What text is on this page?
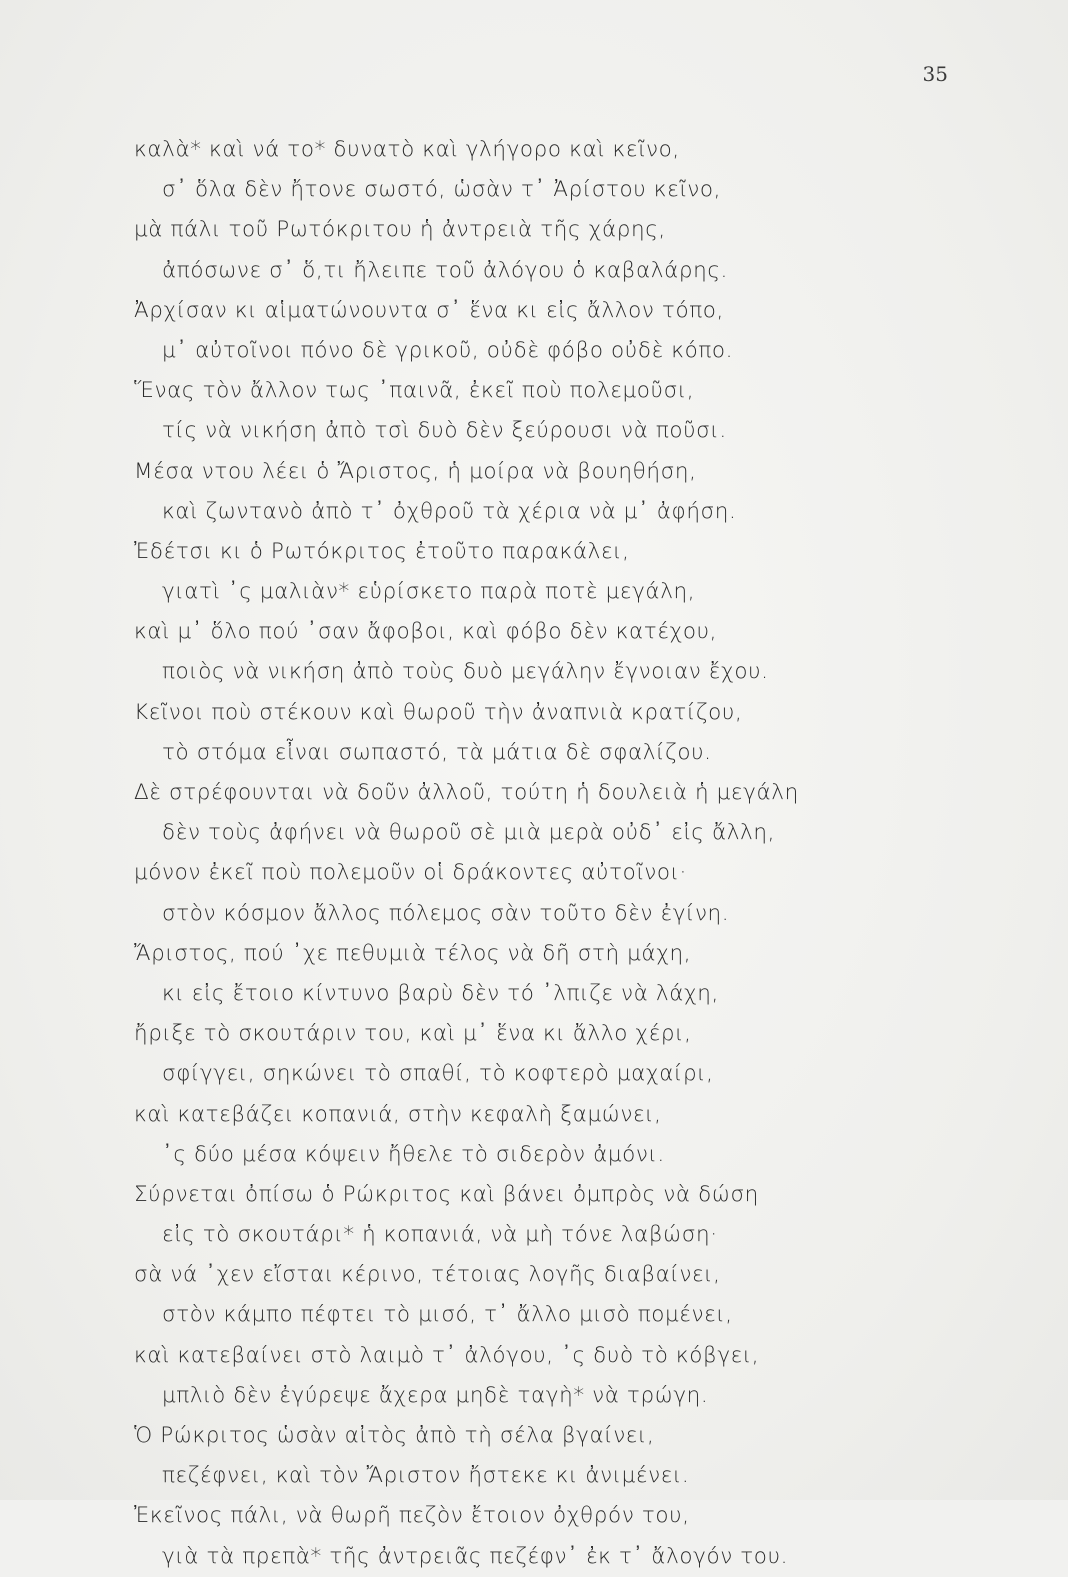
35
καλὰ* καὶ νά το* δυνατὸ καὶ γλήγορο καὶ κεῖνο,
σ᾽ ὅλα δὲν ἤτονε σωστό, ὡσὰν τ᾽ Ἀρίστου κεῖνο,
μὰ πάλι τοῦ Ρωτόκριτου ἡ ἀντρειὰ τῆς χάρης,
ἀπόσωνε σ᾽ ὅ,τι ἤλειπε τοῦ ἀλόγου ὁ καβαλάρης.
Ἀρχίσαν κι αἱματώνουντα σ᾽ ἕνα κι εἰς ἄλλον τόπο,
μ᾽ αὐτοῖνοι πόνο δὲ γρικοῦ, οὐδὲ φόβο οὐδὲ κόπο.
Ἕνας τὸν ἄλλον τως ᾽παινᾶ, ἐκεῖ ποὺ πολεμοῦσι,
τίς νὰ νικήση ἀπὸ τσὶ δυὸ δὲν ξεύρουσι νὰ ποῦσι.
Μέσα ντου λέει ὁ Ἄριστος, ἡ μοίρα νὰ βουηθήση,
καὶ ζωντανὸ ἀπὸ τ᾽ ὀχθροῦ τὰ χέρια νὰ μ᾽ ἀφήση.
Ἐδέτσι κι ὁ Ρωτόκριτος ἐτοῦτο παρακάλει,
γιατὶ ᾽ς μαλιὰν* εὑρίσκετο παρὰ ποτὲ μεγάλη,
καὶ μ᾽ ὅλο πού ᾽σαν ἄφοβοι, καὶ φόβο δὲν κατέχου,
ποιὸς νὰ νικήση ἀπὸ τοὺς δυὸ μεγάλην ἔγνοιαν ἔχου.
Κεῖνοι ποὺ στέκουν καὶ θωροῦ τὴν ἀναπνιὰ κρατίζου,
τὸ στόμα εἶναι σωπαστό, τὰ μάτια δὲ σφαλίζου.
Δὲ στρέφουνται νὰ δοῦν ἀλλοῦ, τούτη ἡ δουλειὰ ἡ μεγάλη
δὲν τοὺς ἀφήνει νὰ θωροῦ σὲ μιὰ μερὰ οὐδ᾽ εἰς ἄλλη,
μόνον ἐκεῖ ποὺ πολεμοῦν οἱ δράκοντες αὐτοῖνοι·
στὸν κόσμον ἄλλος πόλεμος σὰν τοῦτο δὲν ἐγίνη.
Ἄριστος, πού ᾽χε πεθυμιὰ τέλος νὰ δῆ στὴ μάχη,
κι εἰς ἔτοιο κίντυνο βαρὺ δὲν τό ᾽λπιζε νὰ λάχη,
ἤριξε τὸ σκουτάριν του, καὶ μ᾽ ἕνα κι ἄλλο χέρι,
σφίγγει, σηκώνει τὸ σπαθί, τὸ κοφτερὸ μαχαίρι,
καὶ κατεβάζει κοπανιά, στὴν κεφαλὴ ξαμώνει,
᾽ς δύο μέσα κόψειν ἤθελε τὸ σιδερὸν ἀμόνι.
Σύρνεται ὀπίσω ὁ Ρώκριτος καὶ βάνει ὀμπρὸς νὰ δώση
εἰς τὸ σκουτάρι* ἡ κοπανιά, νὰ μὴ τόνε λαβώση·
σὰ νά ᾽χεν εἴσται κέρινο, τέτοιας λογῆς διαβαίνει,
στὸν κάμπο πέφτει τὸ μισό, τ᾽ ἄλλο μισὸ πομένει,
καὶ κατεβαίνει στὸ λαιμὸ τ᾽ ἀλόγου, ᾽ς δυὸ τὸ κόβγει,
μπλιὸ δὲν ἐγύρεψε ἄχερα μηδὲ ταγὴ* νὰ τρώγη.
Ὁ Ρώκριτος ὡσὰν αἰτὸς ἀπὸ τὴ σέλα βγαίνει,
πεζέφνει, καὶ τὸν Ἄριστον ἤστεκε κι ἀνιμένει.
Ἐκεῖνος πάλι, νὰ θωρῆ πεζὸν ἔτοιον ὀχθρόν του,
γιὰ τὰ πρεπὰ* τῆς ἀντρειᾶς πεζέφν᾽ ἐκ τ᾽ ἄλογόν του.
